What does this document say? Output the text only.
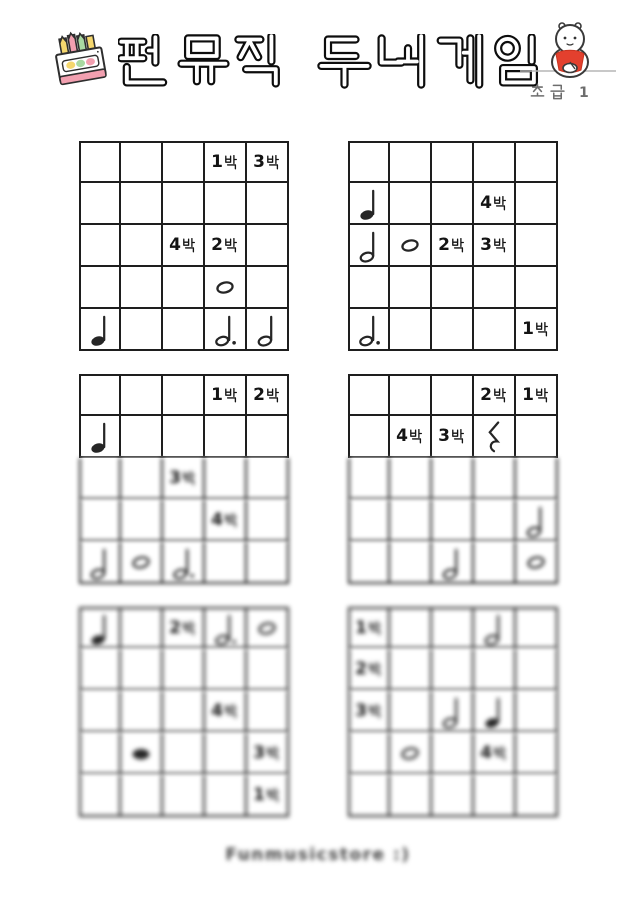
1
1 3
4 2
4
2 3
1
1 2
3
4
2 1
4 3
2
4
3
1
1
2
3
4
Funmusicstore :)
